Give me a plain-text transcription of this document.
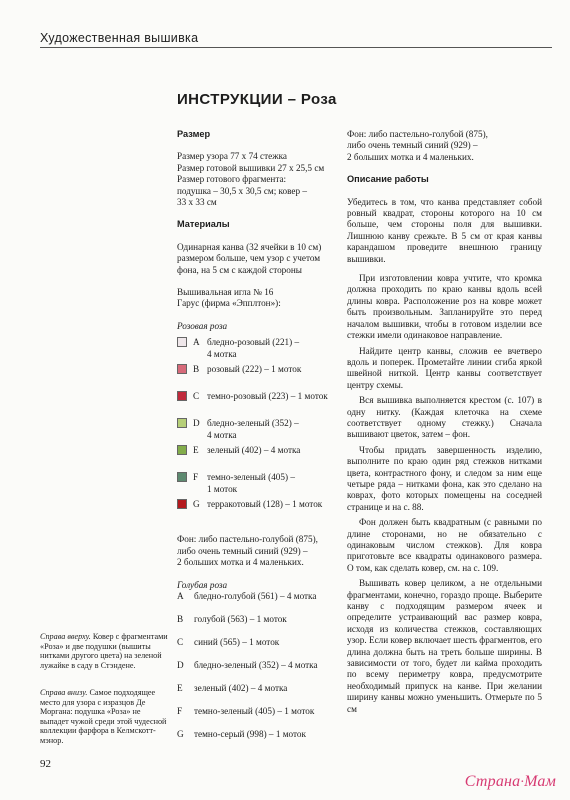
Художественная вышивка
ИНСТРУКЦИИ – Роза
Размер
Размер узора 77 х 74 стежка
Размер готовой вышивки 27 х 25,5 см
Размер готового фрагмента:
подушка – 30,5 х 30,5 см; ковер –
33 х 33 см
Материалы
Одинарная канва (32 ячейки в 10 см)
размером больше, чем узор с учетом
фона, на 5 см с каждой стороны
Вышивальная игла № 16
Гарус (фирма «Эпплтон»):
Розовая роза
A бледно-розовый (221) –
4 мотка
B розовый (222) – 1 моток
C темно-розовый (223) – 1 моток
D бледно-зеленый (352) –
4 мотка
E зеленый (402) – 4 мотка
F темно-зеленый (405) –
1 моток
G терракотовый (128) – 1 моток
Фон: либо пастельно-голубой (875),
либо очень темный синий (929) –
2 больших мотка и 4 маленьких.
Голубая роза
A	бледно-голубой (561) – 4 мотка
B	голубой (563) – 1 моток
C	синий (565) – 1 моток
D	бледно-зеленый (352) – 4 мотка
E	зеленый (402) – 4 мотка
F	темно-зеленый (405) – 1 моток
G	темно-серый (998) – 1 моток
Фон: либо пастельно-голубой (875),
либо очень темный синий (929) –
2 больших мотка и 4 маленьких.
Описание работы
Убедитесь в том, что канва представляет собой ровный квадрат, стороны которого на 10 см больше, чем стороны поля для вышивки. Лишнюю канву срежьте. В 5 см от края канвы карандашом проведите внешнюю границу вышивки.
При изготовлении ковра учтите, что кромка должна проходить по краю канвы вдоль всей длины ковра. Расположение роз на ковре может быть произвольным. Запланируйте это перед началом вышивки, чтобы в готовом изделии все стежки имели одинаковое направление.
Найдите центр канвы, сложив ее вчетверо вдоль и поперек. Прометайте линии сгиба яркой швейной ниткой. Центр канвы соответствует центру схемы.
Вся вышивка выполняется крестом (с. 107) в одну нитку. (Каждая клеточка на схеме соответствует одному стежку.) Сначала вышивают цветок, затем – фон.
Чтобы придать завершенность изделию, выполните по краю один ряд стежков нитками цвета, контрастного фону, и следом за ним еще четыре ряда – нитками фона, как это сделано на коврах, фото которых помещены на соседней странице и на с. 88.
Фон должен быть квадратным (с равными по длине сторонами, но не обязательно с одинаковым числом стежков). Для ковра приготовьте все квадраты одинакового размера. О том, как сделать ковер, см. на с. 109.
Вышивать ковер целиком, а не отдельными фрагментами, конечно, гораздо проще. Выберите канву с подходящим размером ячеек и определите устраивающий вас размер ковра, исходя из количества стежков, составляющих узор. Если ковер включает шесть фрагментов, его длина должна быть на треть больше ширины. В зависимости от того, будет ли кайма проходить по всему периметру ковра, предусмотрите необходимый припуск на канве. При желании ширину канвы можно уменьшить. Отмерьте по 5 см
Справа вверху. Ковер с фрагментами «Роза» и две подушки (вышиты нитками другого цвета) на зеленой лужайке в саду в Стэндене.
Справа внизу. Самое подходящее место для узора с изразцов Де Моргана: подушка «Роза» не выпадет чужой среди этой чудесной коллекции фарфора в Келмскотт-мэнор.
92
Страна·Мам
